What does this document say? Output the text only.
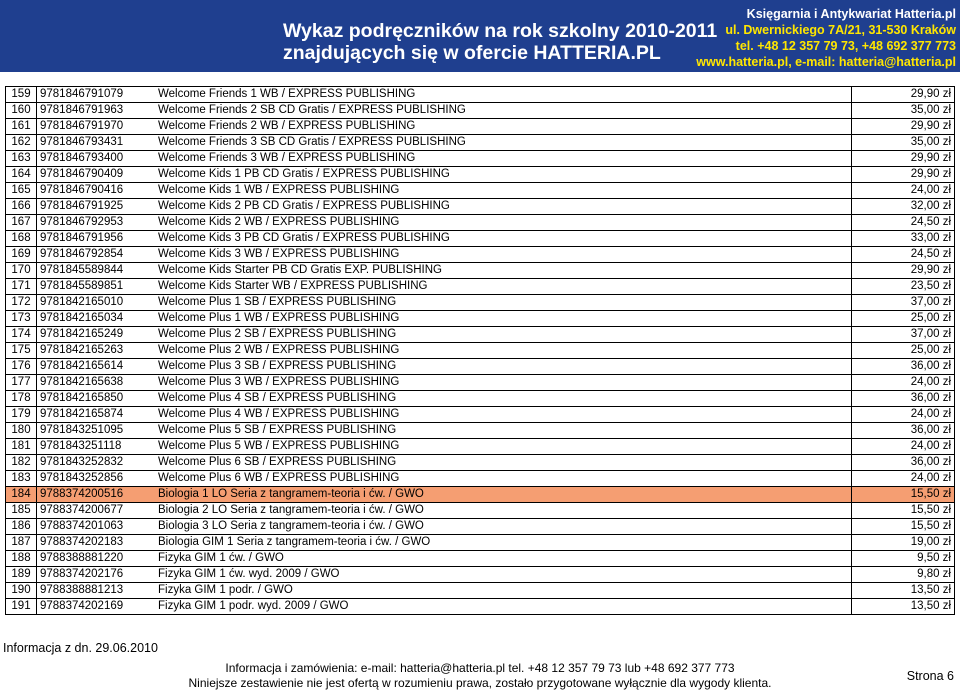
Wykaz podręczników na rok szkolny 2010-2011
znajdujących się w ofercie HATTERIA.PL
Księgarnia i Antykwariat Hatteria.pl
ul. Dwernickiego 7A/21, 31-530 Kraków
tel. +48 12 357 79 73, +48 692 377 773
www.hatteria.pl, e-mail: hatteria@hatteria.pl
159	9781846791079	Welcome Friends 1 WB / EXPRESS PUBLISHING	29,90 zł
160	9781846791963	Welcome Friends 2 SB CD Gratis / EXPRESS PUBLISHING	35,00 zł
161	9781846791970	Welcome Friends 2 WB / EXPRESS PUBLISHING	29,90 zł
162	9781846793431	Welcome Friends 3 SB CD Gratis / EXPRESS PUBLISHING	35,00 zł
163	9781846793400	Welcome Friends 3 WB / EXPRESS PUBLISHING	29,90 zł
164	9781846790409	Welcome Kids 1 PB CD Gratis / EXPRESS PUBLISHING	29,90 zł
165	9781846790416	Welcome Kids 1 WB / EXPRESS PUBLISHING	24,00 zł
166	9781846791925	Welcome Kids 2 PB CD Gratis / EXPRESS PUBLISHING	32,00 zł
167	9781846792953	Welcome Kids 2 WB / EXPRESS PUBLISHING	24,50 zł
168	9781846791956	Welcome Kids 3 PB CD Gratis / EXPRESS PUBLISHING	33,00 zł
169	9781846792854	Welcome Kids 3 WB / EXPRESS PUBLISHING	24,50 zł
170	9781845589844	Welcome Kids Starter PB CD Gratis EXP. PUBLISHING	29,90 zł
171	9781845589851	Welcome Kids Starter WB / EXPRESS PUBLISHING	23,50 zł
172	9781842165010	Welcome Plus 1 SB / EXPRESS PUBLISHING	37,00 zł
173	9781842165034	Welcome Plus 1 WB / EXPRESS PUBLISHING	25,00 zł
174	9781842165249	Welcome Plus 2 SB / EXPRESS PUBLISHING	37,00 zł
175	9781842165263	Welcome Plus 2 WB / EXPRESS PUBLISHING	25,00 zł
176	9781842165614	Welcome Plus 3 SB / EXPRESS PUBLISHING	36,00 zł
177	9781842165638	Welcome Plus 3 WB / EXPRESS PUBLISHING	24,00 zł
178	9781842165850	Welcome Plus 4 SB / EXPRESS PUBLISHING	36,00 zł
179	9781842165874	Welcome Plus 4 WB / EXPRESS PUBLISHING	24,00 zł
180	9781843251095	Welcome Plus 5 SB / EXPRESS PUBLISHING	36,00 zł
181	9781843251118	Welcome Plus 5 WB / EXPRESS PUBLISHING	24,00 zł
182	9781843252832	Welcome Plus 6 SB / EXPRESS PUBLISHING	36,00 zł
183	9781843252856	Welcome Plus 6 WB / EXPRESS PUBLISHING	24,00 zł
184	9788374200516	Biologia 1 LO Seria z tangramem-teoria i ćw. / GWO	15,50 zł
185	9788374200677	Biologia 2 LO Seria z tangramem-teoria i ćw. / GWO	15,50 zł
186	9788374201063	Biologia 3 LO Seria z tangramem-teoria i ćw. / GWO	15,50 zł
187	9788374202183	Biologia GIM 1 Seria z tangramem-teoria i ćw. / GWO	19,00 zł
188	9788388881220	Fizyka GIM 1 ćw. / GWO	9,50 zł
189	9788374202176	Fizyka GIM 1 ćw. wyd. 2009 / GWO	9,80 zł
190	9788388881213	Fizyka GIM 1 podr. / GWO	13,50 zł
191	9788374202169	Fizyka GIM 1 podr. wyd. 2009 / GWO	13,50 zł
Informacja z dn. 29.06.2010
Informacja i zamówienia: e-mail: hatteria@hatteria.pl tel. +48 12 357 79 73 lub +48 692 377 773
Niniejsze zestawienie nie jest ofertą w rozumieniu prawa, zostało przygotowane wyłącznie dla wygody klienta.	Strona 6
